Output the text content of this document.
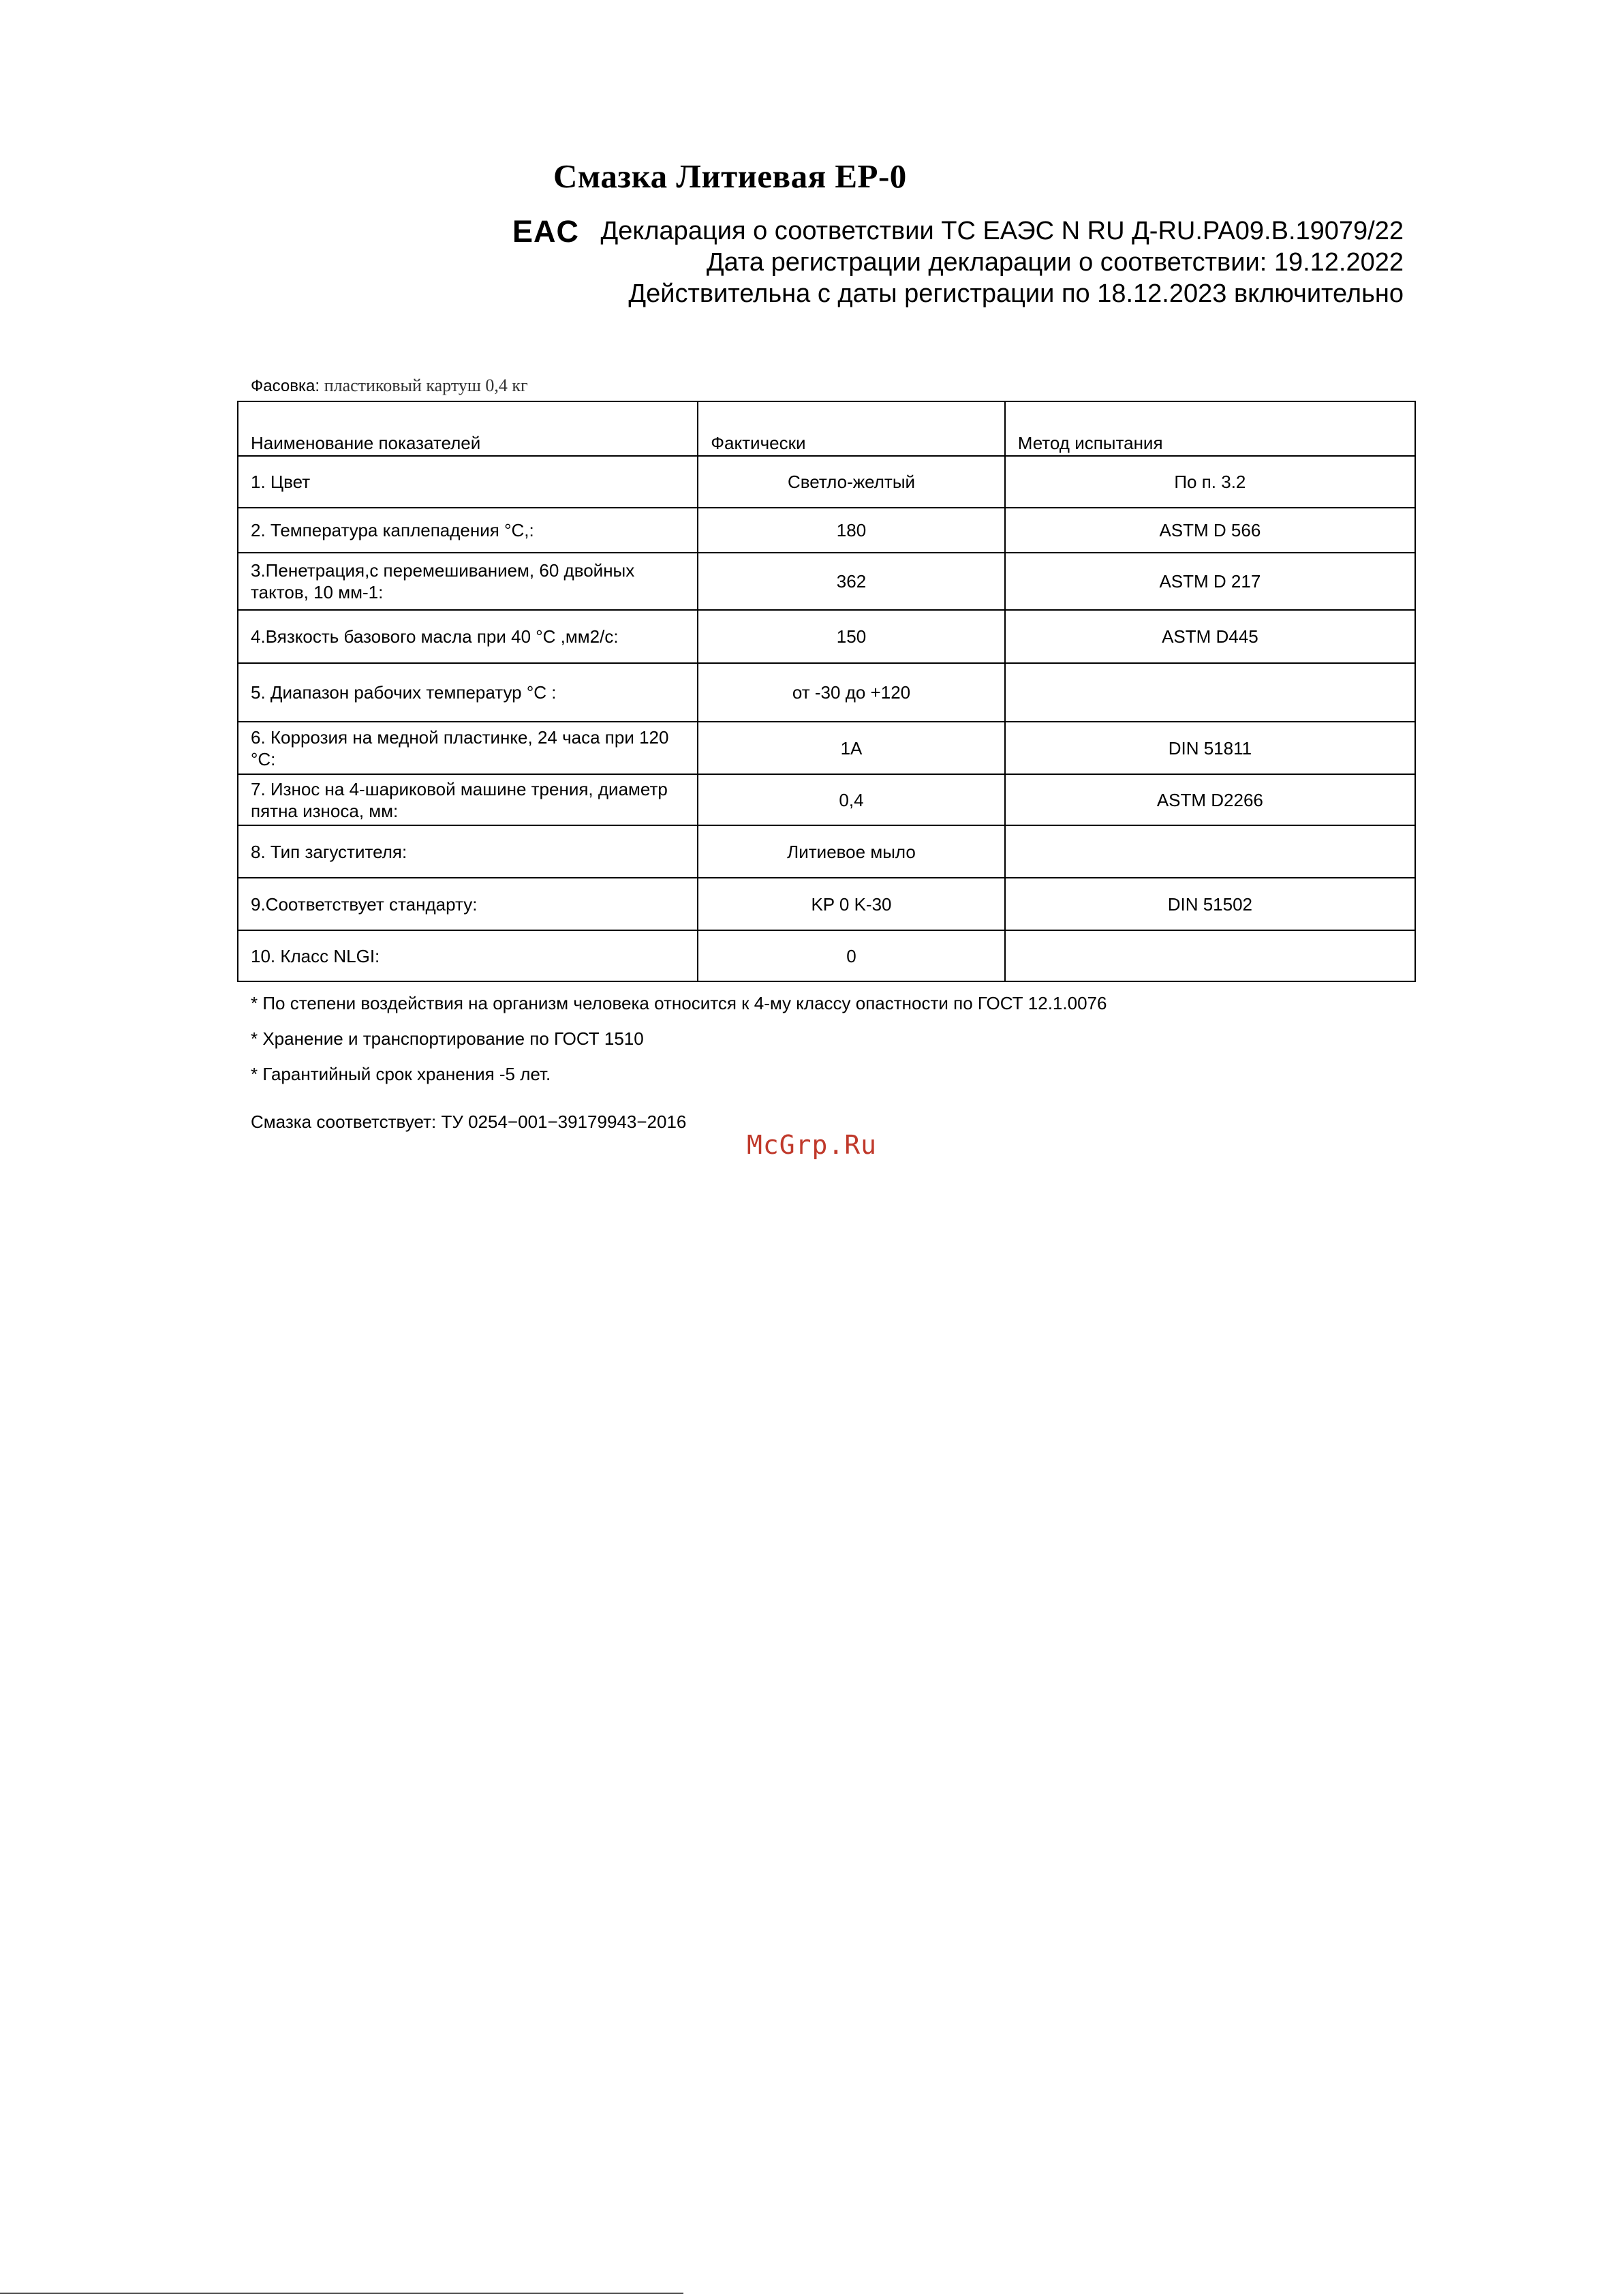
Смазка Литиевая ЕР-0
EAC Декларация о соответствии ТС ЕАЭС N RU Д-RU.PA09.В.19079/22
Дата регистрации декларации о соответствии: 19.12.2022
Действительна с даты регистрации по 18.12.2023 включительно
Фасовка: пластиковый картуш 0,4 кг
Наименование показателей	Фактически	Метод испытания
1. Цвет	Светло-желтый	По п. 3.2
2. Температура каплепадения °С,:	180	ASTM D 566
3.Пенетрация,с перемешиванием, 60 двойных тактов, 10 мм-1:	362	ASTM D 217
4.Вязкость базового масла при 40 °С ,мм2/с:	150	ASTM D445
5. Диапазон рабочих температур °С :	от -30 до +120	
6. Коррозия на медной пластинке, 24 часа при 120 °С:	1A	DIN 51811
7. Износ на 4-шариковой машине трения, диаметр пятна износа, мм:	0,4	ASTM D2266
8. Тип загустителя:	Литиевое мыло	
9.Соответствует стандарту:	KP 0 K-30	DIN 51502
10. Класс NLGI:	0	
* По степени воздействия на организм человека относится к 4-му классу опастности по ГОСТ 12.1.0076
* Хранение и транспортирование по ГОСТ 1510
* Гарантийный срок хранения -5 лет.
Смазка соответствует: ТУ 0254−001−39179943−2016
McGrp.Ru
